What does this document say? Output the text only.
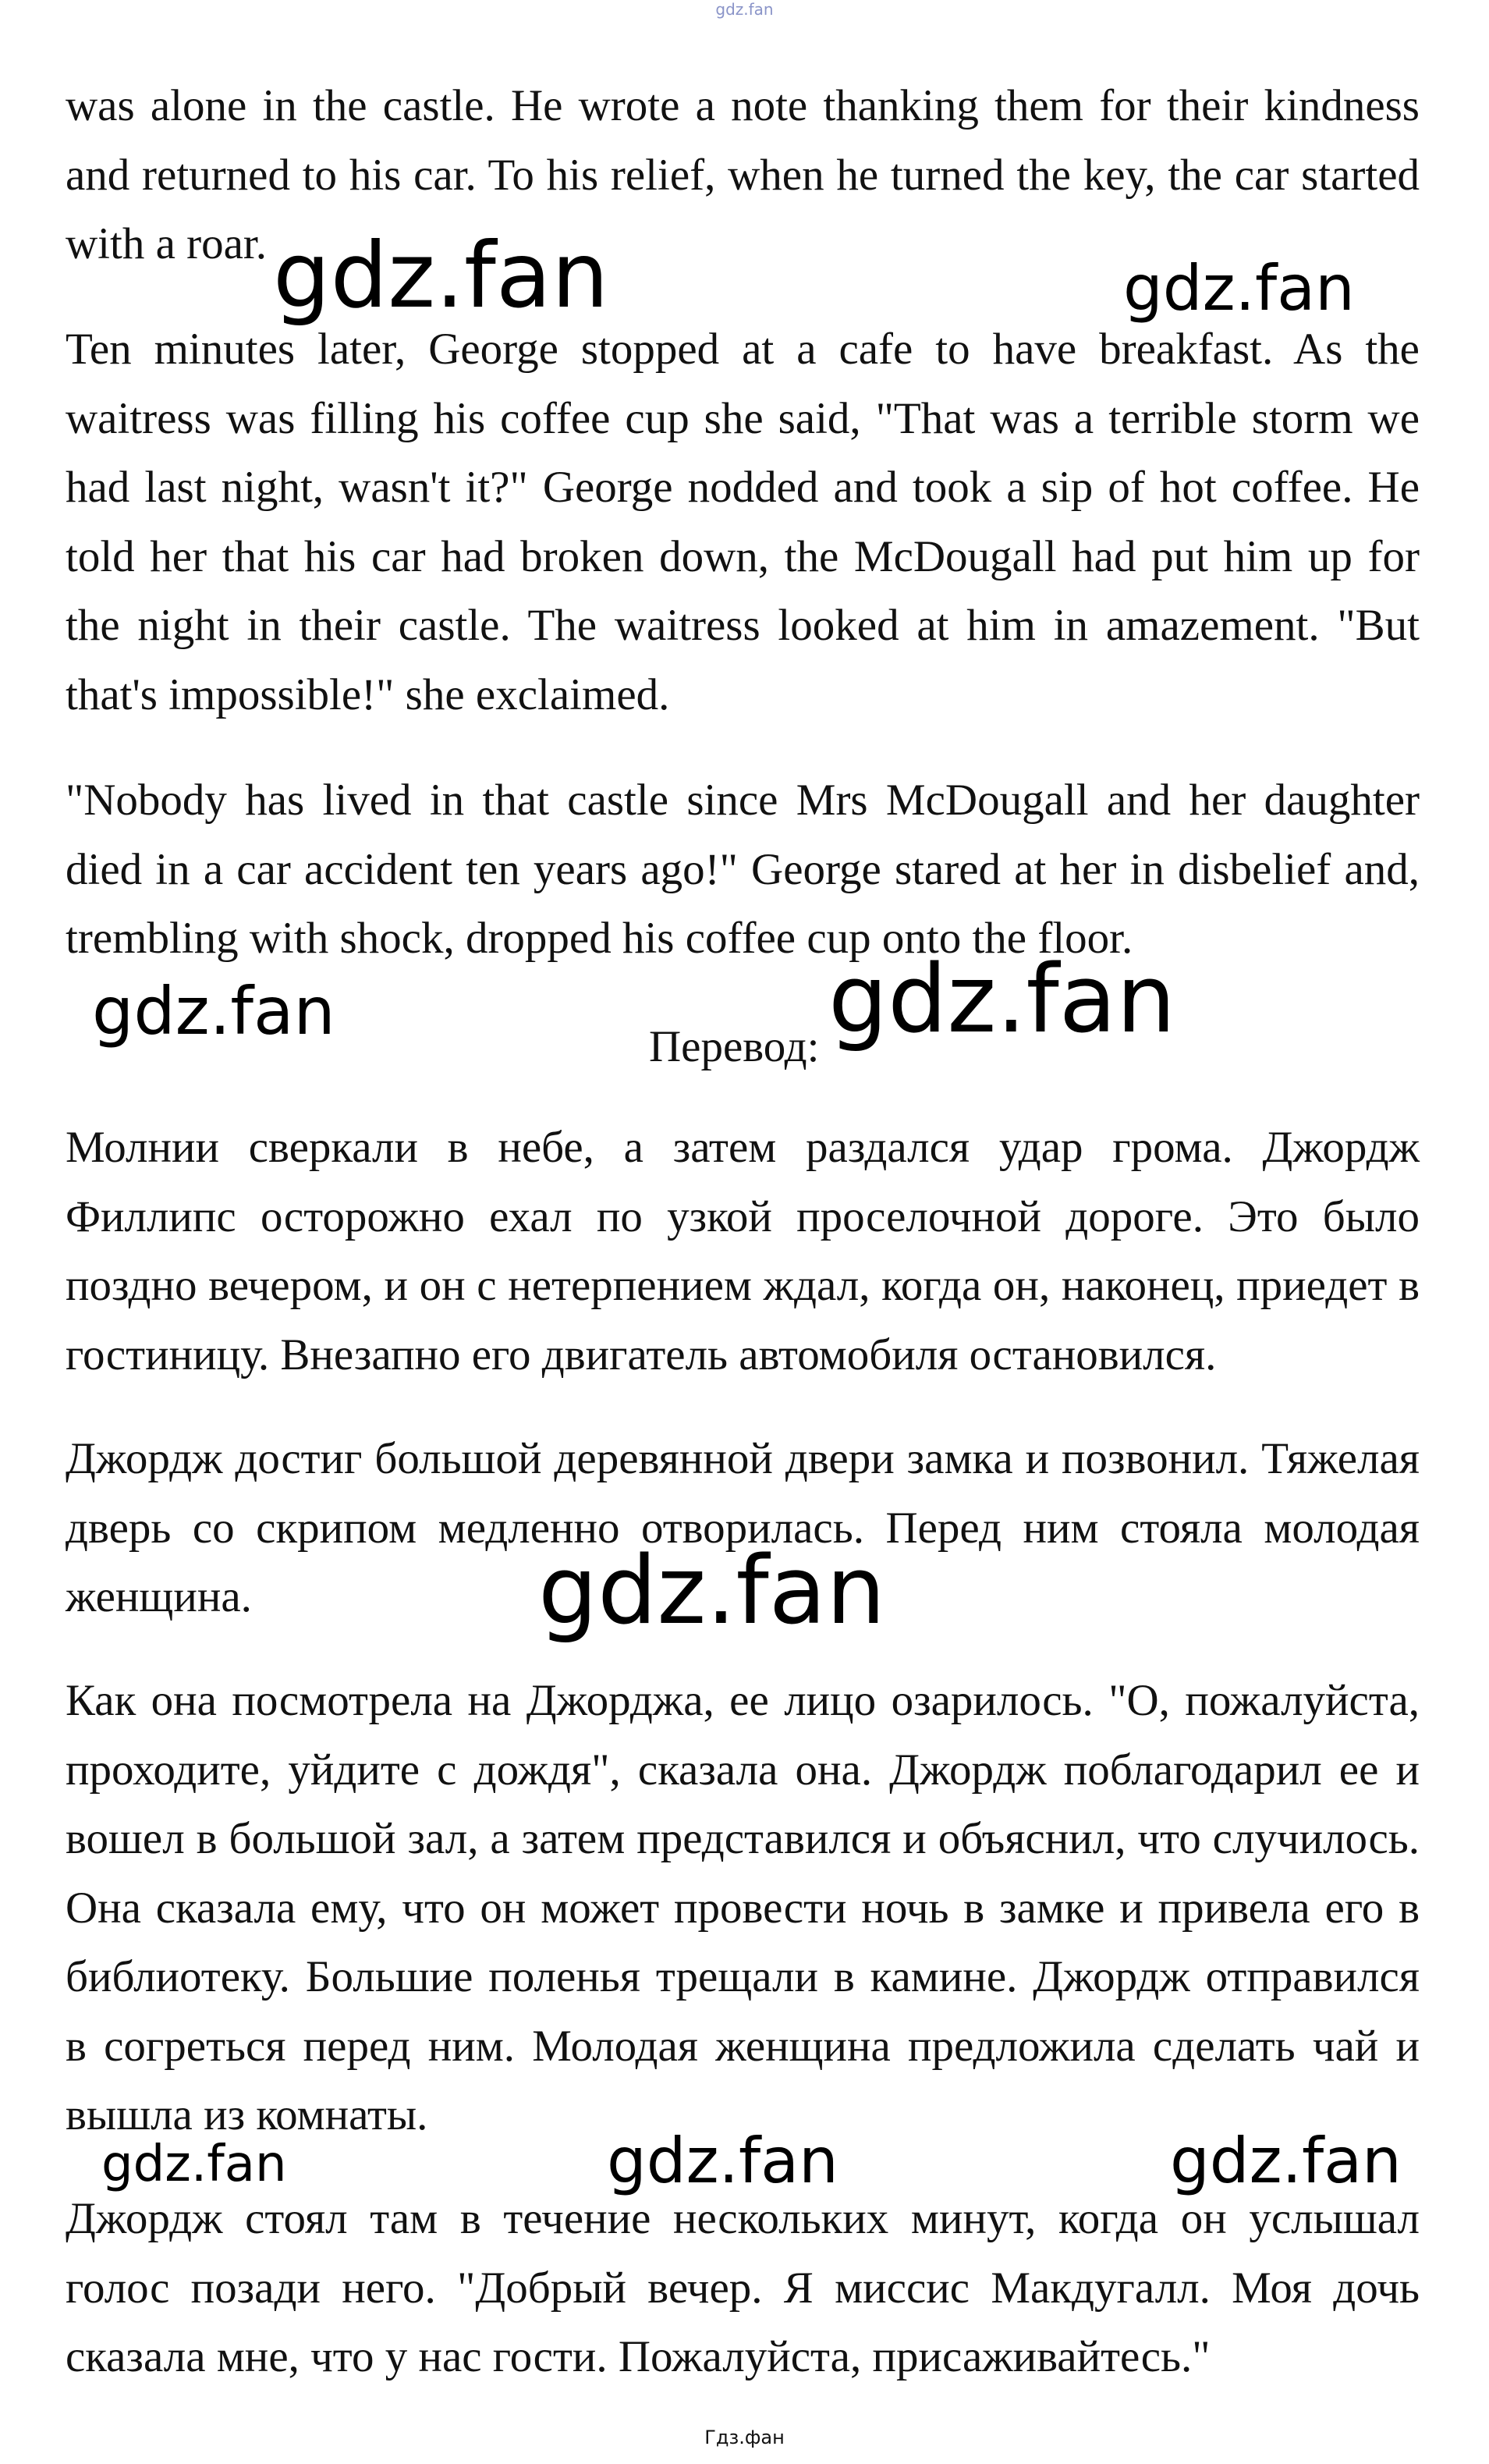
gdz.fan

was alone in the castle. He wrote a note thanking them for their kindness and returned to his car. To his relief, when he turned the key, the car started with a roar.

Ten minutes later, George stopped at a cafe to have breakfast. As the waitress was filling his coffee cup she said, "That was a terrible storm we had last night, wasn't it?" George nodded and took a sip of hot coffee. He told her that his car had broken down, the McDougall had put him up for the night in their castle. The waitress looked at him in amazement. "But that's impossible!" she exclaimed.

"Nobody has lived in that castle since Mrs McDougall and her daughter died in a car accident ten years ago!" George stared at her in disbelief and, trembling with shock, dropped his coffee cup onto the floor.

Перевод:

Молнии сверкали в небе, а затем раздался удар грома. Джордж Филлипс осторожно ехал по узкой проселочной дороге. Это было поздно вечером, и он с нетерпением ждал, когда он, наконец, приедет в гостиницу. Внезапно его двигатель автомобиля остановился.

Джордж достиг большой деревянной двери замка и позвонил. Тяжелая дверь со скрипом медленно отворилась. Перед ним стояла молодая женщина.

Как она посмотрела на Джорджа, ее лицо озарилось. "О, пожалуйста, проходите, уйдите с дождя", сказала она. Джордж поблагодарил ее и вошел в большой зал, а затем представился и объяснил, что случилось. Она сказала ему, что он может провести ночь в замке и привела его в библиотеку. Большие поленья трещали в камине. Джордж отправился в согреться перед ним. Молодая женщина предложила сделать чай и вышла из комнаты.

Джордж стоял там в течение нескольких минут, когда он услышал голос позади него. "Добрый вечер. Я миссис Макдугалл. Моя дочь сказала мне, что у нас гости. Пожалуйста, присаживайтесь."

gdz.fan	gdz.fan
gdz.fan	gdz.fan
gdz.fan
gdz.fan	gdz.fan	gdz.fan
Гдз.фан
